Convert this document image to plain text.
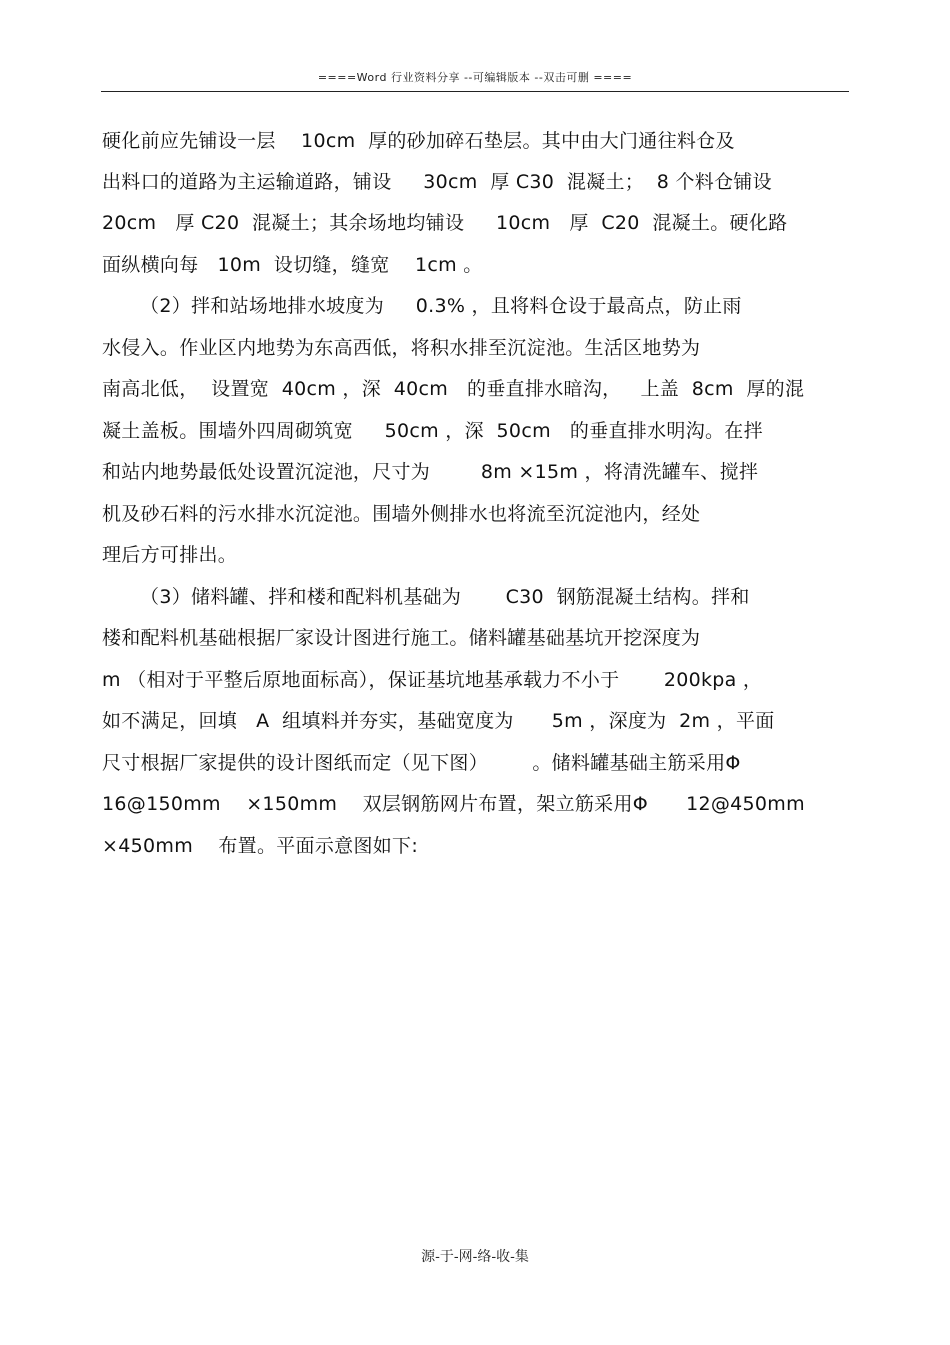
====Word 行业资料分享 --可编辑版本 --双击可删 ====
硬化前应先铺设一层    10cm  厚的砂加碎石垫层。其中由大门通往料仓及
出料口的道路为主运输道路，铺设     30cm  厚 C30  混凝土；  8 个料仓铺设
20cm   厚 C20  混凝土；其余场地均铺设     10cm   厚  C20  混凝土。硬化路
面纵横向每   10m  设切缝，缝宽    1cm 。
（2）拌和站场地排水坡度为     0.3% ，且将料仓设于最高点，防止雨
水侵入。作业区内地势为东高西低，将积水排至沉淀池。生活区地势为
南高北低，  设置宽  40cm ，深  40cm   的垂直排水暗沟，   上盖  8cm  厚的混
凝土盖板。围墙外四周砌筑宽     50cm ，深  50cm   的垂直排水明沟。在拌
和站内地势最低处设置沉淀池，尺寸为        8m ×15m ，将清洗罐车、搅拌
机及砂石料的污水排水沉淀池。围墙外侧排水也将流至沉淀池内，经处
理后方可排出。
（3）储料罐、拌和楼和配料机基础为       C30  钢筋混凝土结构。拌和
楼和配料机基础根据厂家设计图进行施工。储料罐基础基坑开挖深度为
m （相对于平整后原地面标高），保证基坑地基承载力不小于       200kpa ，
如不满足，回填   A  组填料并夯实，基础宽度为      5m ，深度为  2m ，平面
尺寸根据厂家提供的设计图纸而定（见下图）       。储料罐基础主筋采用Φ
16@150mm    ×150mm    双层钢筋网片布置，架立筋采用Φ      12@450mm
×450mm    布置。平面示意图如下:
源-于-网-络-收-集
